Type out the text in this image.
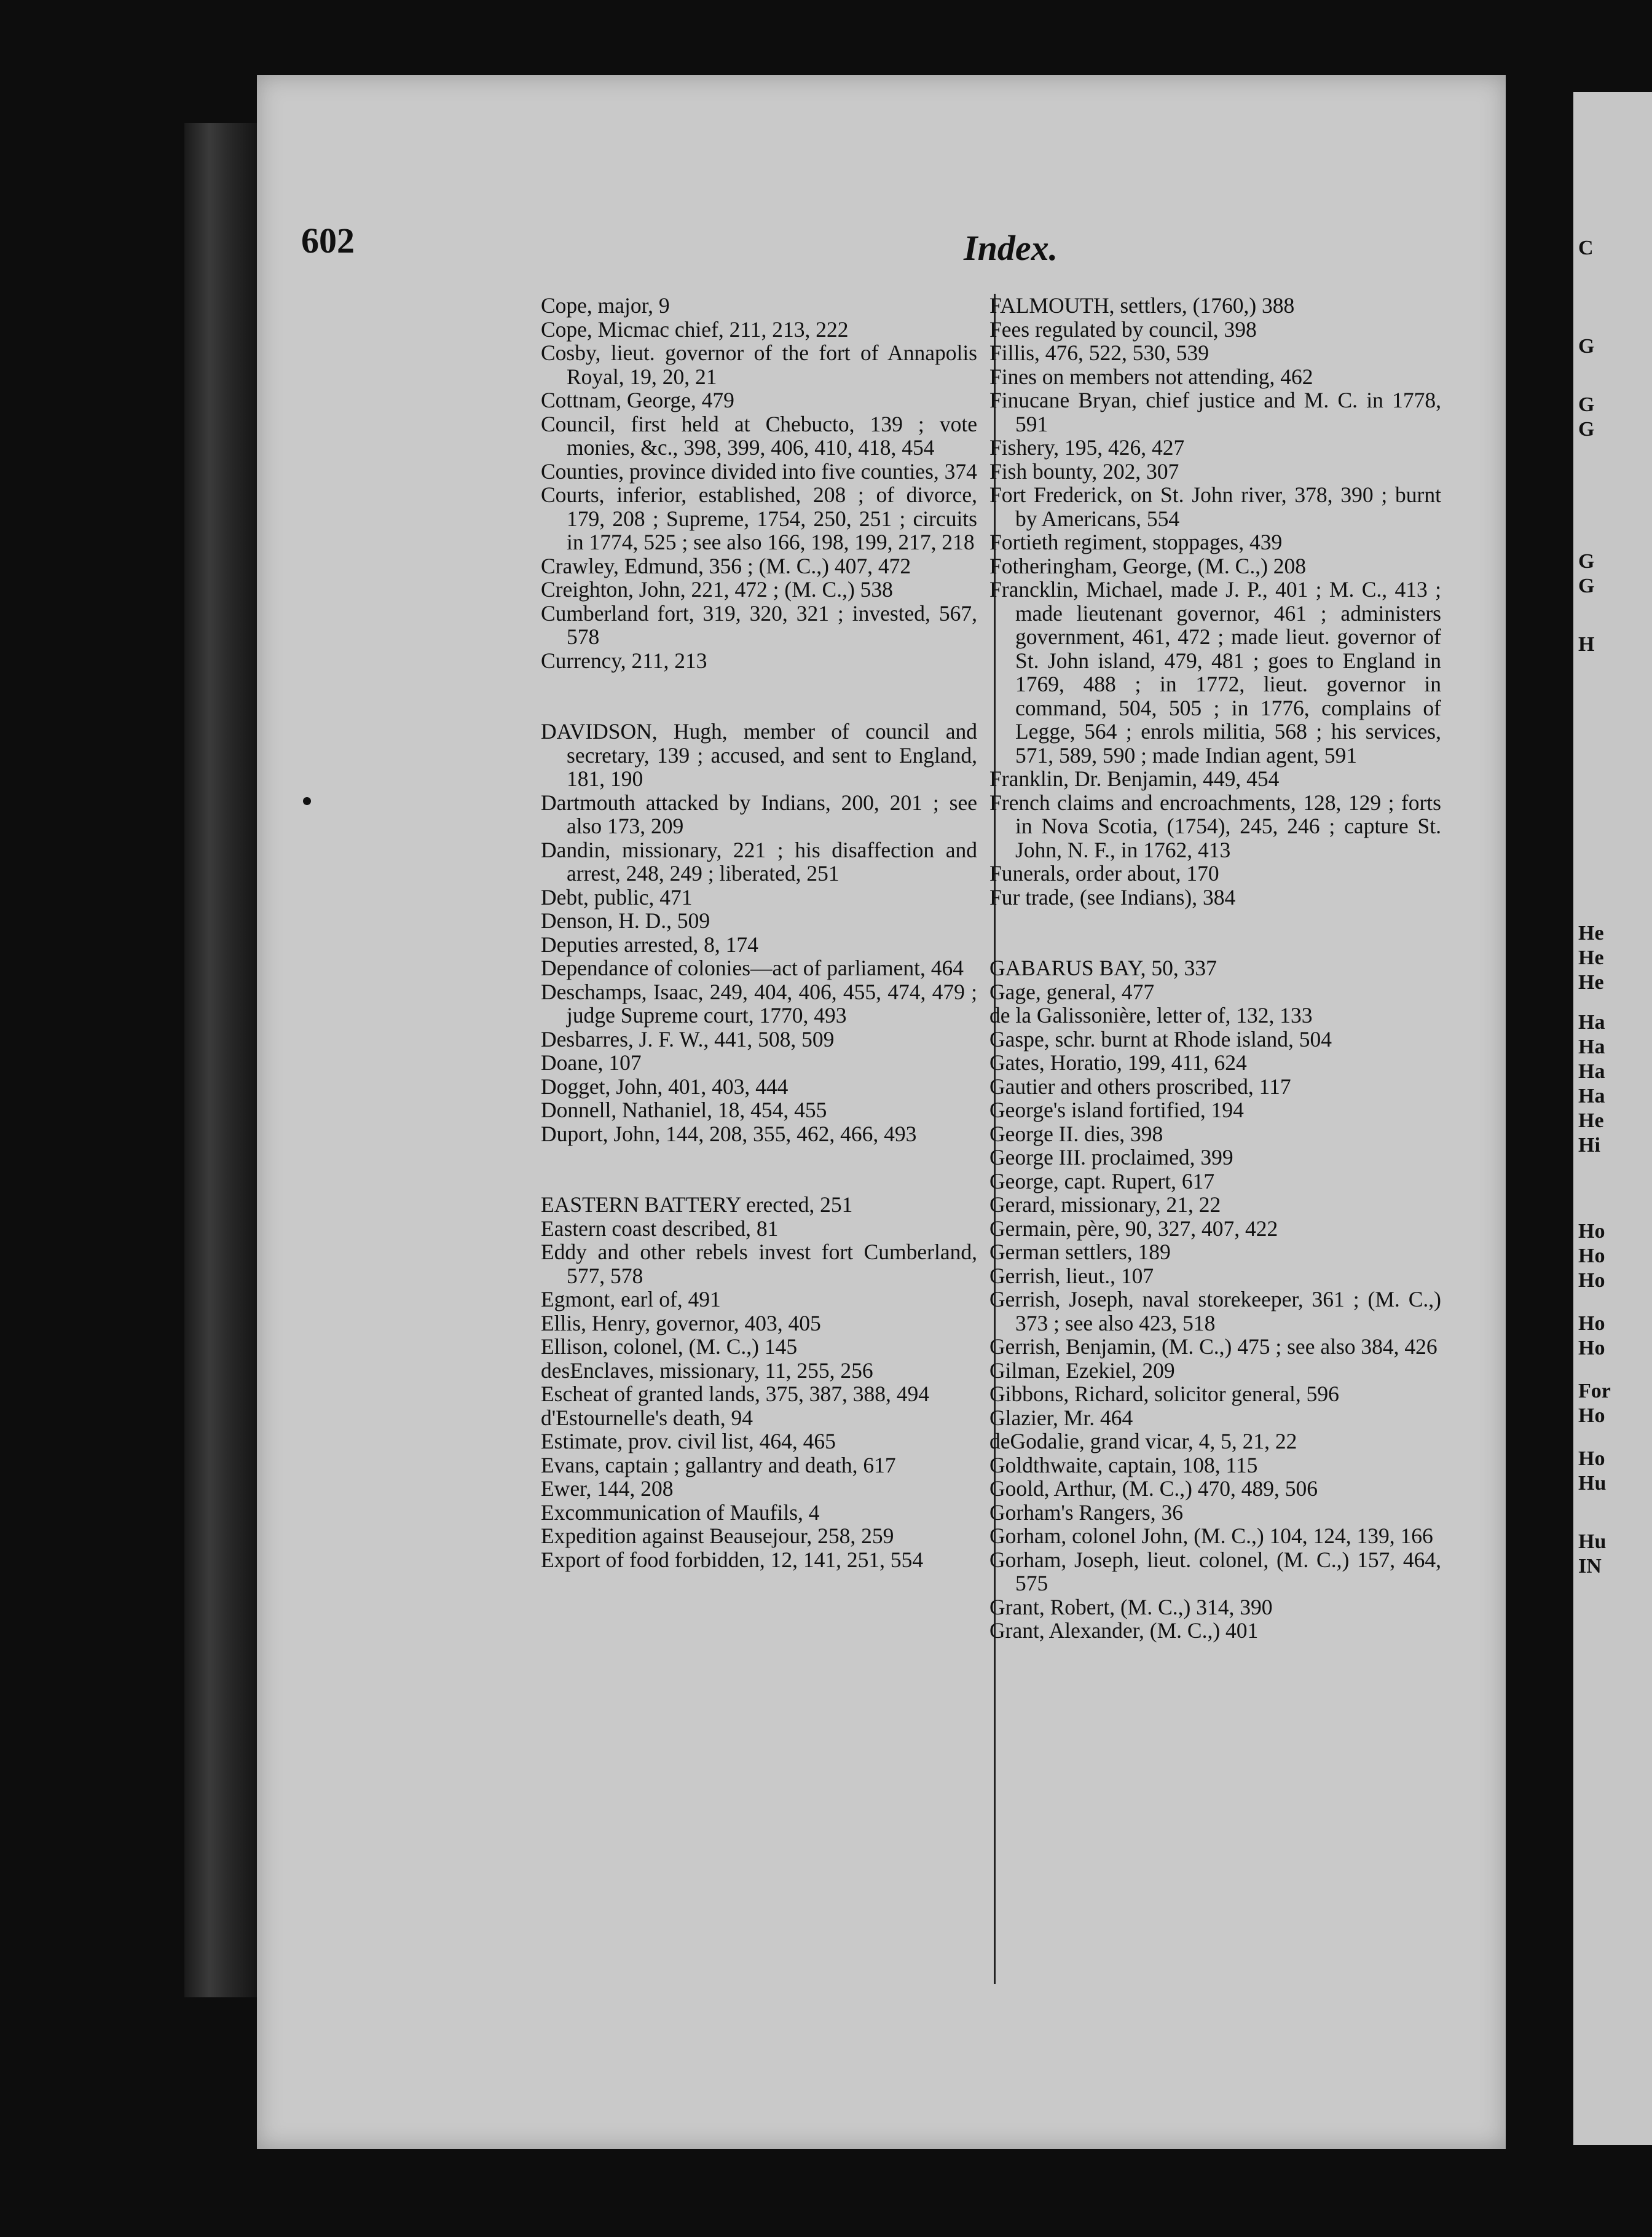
C
G
G
G
G
G
H
He
He
He
Ha
Ha
Ha
Ha
He
Hi
Ho
Ho
Ho
Ho
Ho
For
Ho
Ho
Hu
Hu
IN
602	Index.
Cope, major, 9
Cope, Micmac chief, 211, 213, 222
Cosby, lieut. governor of the fort of Annapolis Royal, 19, 20, 21
Cottnam, George, 479
Council, first held at Chebucto, 139 ; vote monies, &c., 398, 399, 406, 410, 418, 454
Counties, province divided into five counties, 374
Courts, inferior, established, 208 ; of divorce, 179, 208 ; Supreme, 1754, 250, 251 ; circuits in 1774, 525 ; see also 166, 198, 199, 217, 218
Crawley, Edmund, 356 ; (M. C.,) 407, 472
Creighton, John, 221, 472 ; (M. C.,) 538
Cumberland fort, 319, 320, 321 ; invested, 567, 578
Currency, 211, 213
DAVIDSON, Hugh, member of council and secretary, 139 ; accused, and sent to England, 181, 190
Dartmouth attacked by Indians, 200, 201 ; see also 173, 209
Dandin, missionary, 221 ; his disaffection and arrest, 248, 249 ; liberated, 251
Debt, public, 471
Denson, H. D., 509
Deputies arrested, 8, 174
Dependance of colonies—act of parliament, 464
Deschamps, Isaac, 249, 404, 406, 455, 474, 479 ; judge Supreme court, 1770, 493
Desbarres, J. F. W., 441, 508, 509
Doane, 107
Dogget, John, 401, 403, 444
Donnell, Nathaniel, 18, 454, 455
Duport, John, 144, 208, 355, 462, 466, 493
EASTERN BATTERY erected, 251
Eastern coast described, 81
Eddy and other rebels invest fort Cumberland, 577, 578
Egmont, earl of, 491
Ellis, Henry, governor, 403, 405
Ellison, colonel, (M. C.,) 145
desEnclaves, missionary, 11, 255, 256
Escheat of granted lands, 375, 387, 388, 494
d'Estournelle's death, 94
Estimate, prov. civil list, 464, 465
Evans, captain ; gallantry and death, 617
Ewer, 144, 208
Excommunication of Maufils, 4
Expedition against Beausejour, 258, 259
Export of food forbidden, 12, 141, 251, 554
FALMOUTH, settlers, (1760,) 388
Fees regulated by council, 398
Fillis, 476, 522, 530, 539
Fines on members not attending, 462
Finucane Bryan, chief justice and M. C. in 1778, 591
Fishery, 195, 426, 427
Fish bounty, 202, 307
Fort Frederick, on St. John river, 378, 390 ; burnt by Americans, 554
Fortieth regiment, stoppages, 439
Fotheringham, George, (M. C.,) 208
Francklin, Michael, made J. P., 401 ; M. C., 413 ; made lieutenant governor, 461 ; administers government, 461, 472 ; made lieut. governor of St. John island, 479, 481 ; goes to England in 1769, 488 ; in 1772, lieut. governor in command, 504, 505 ; in 1776, complains of Legge, 564 ; enrols militia, 568 ; his services, 571, 589, 590 ; made Indian agent, 591
Franklin, Dr. Benjamin, 449, 454
French claims and encroachments, 128, 129 ; forts in Nova Scotia, (1754), 245, 246 ; capture St. John, N. F., in 1762, 413
Funerals, order about, 170
Fur trade, (see Indians), 384
GABARUS BAY, 50, 337
Gage, general, 477
de la Galissonière, letter of, 132, 133
Gaspe, schr. burnt at Rhode island, 504
Gates, Horatio, 199, 411, 624
Gautier and others proscribed, 117
George's island fortified, 194
George II. dies, 398
George III. proclaimed, 399
George, capt. Rupert, 617
Gerard, missionary, 21, 22
Germain, père, 90, 327, 407, 422
German settlers, 189
Gerrish, lieut., 107
Gerrish, Joseph, naval storekeeper, 361 ; (M. C.,) 373 ; see also 423, 518
Gerrish, Benjamin, (M. C.,) 475 ; see also 384, 426
Gilman, Ezekiel, 209
Gibbons, Richard, solicitor general, 596
Glazier, Mr. 464
deGodalie, grand vicar, 4, 5, 21, 22
Goldthwaite, captain, 108, 115
Goold, Arthur, (M. C.,) 470, 489, 506
Gorham's Rangers, 36
Gorham, colonel John, (M. C.,) 104, 124, 139, 166
Gorham, Joseph, lieut. colonel, (M. C.,) 157, 464, 575
Grant, Robert, (M. C.,) 314, 390
Grant, Alexander, (M. C.,) 401
